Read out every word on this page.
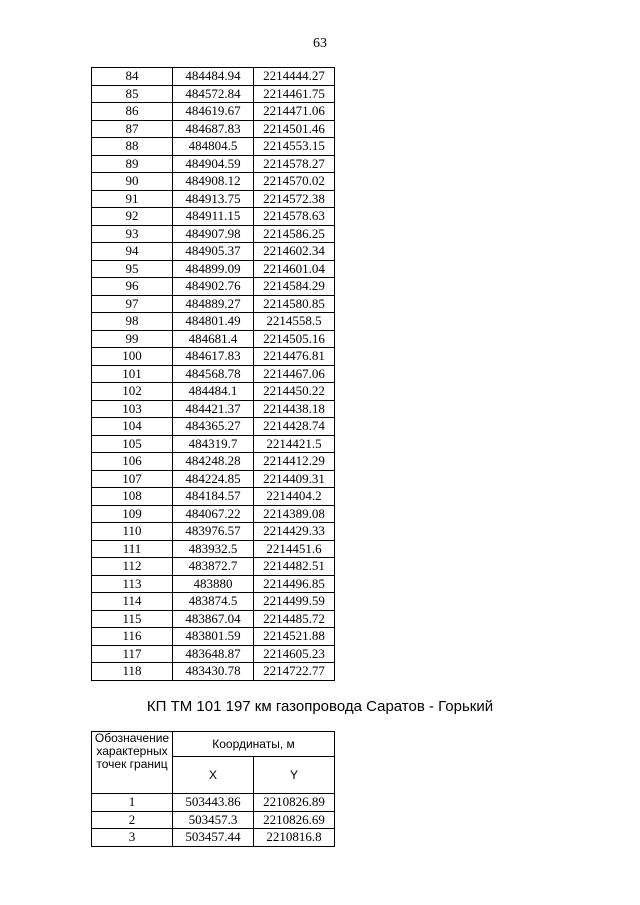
63
84	484484.94	2214444.27
85	484572.84	2214461.75
86	484619.67	2214471.06
87	484687.83	2214501.46
88	484804.5	2214553.15
89	484904.59	2214578.27
90	484908.12	2214570.02
91	484913.75	2214572.38
92	484911.15	2214578.63
93	484907.98	2214586.25
94	484905.37	2214602.34
95	484899.09	2214601.04
96	484902.76	2214584.29
97	484889.27	2214580.85
98	484801.49	2214558.5
99	484681.4	2214505.16
100	484617.83	2214476.81
101	484568.78	2214467.06
102	484484.1	2214450.22
103	484421.37	2214438.18
104	484365.27	2214428.74
105	484319.7	2214421.5
106	484248.28	2214412.29
107	484224.85	2214409.31
108	484184.57	2214404.2
109	484067.22	2214389.08
110	483976.57	2214429.33
111	483932.5	2214451.6
112	483872.7	2214482.51
113	483880	2214496.85
114	483874.5	2214499.59
115	483867.04	2214485.72
116	483801.59	2214521.88
117	483648.87	2214605.23
118	483430.78	2214722.77
КП ТМ 101 197 км газопровода Саратов - Горький
Обозначение характерных точек границ	Координаты, м	
	X	Y
1	503443.86	2210826.89
2	503457.3	2210826.69
3	503457.44	2210816.8
